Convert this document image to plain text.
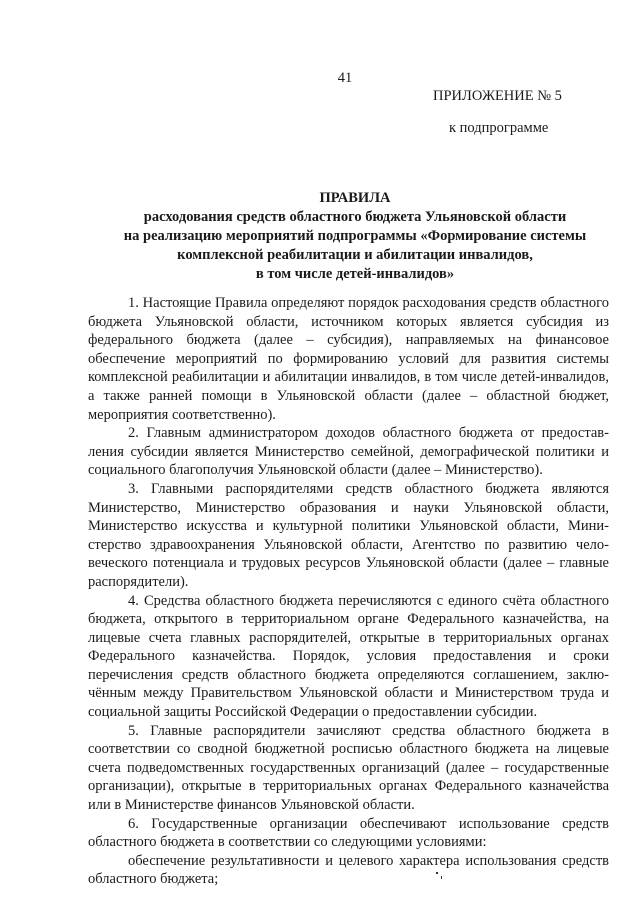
41
ПРИЛОЖЕНИЕ № 5
к подпрограмме
ПРАВИЛА
расходования средств областного бюджета Ульяновской области
на реализацию мероприятий подпрограммы «Формирование системы
комплексной реабилитации и абилитации инвалидов,
в том числе детей-инвалидов»

1. Настоящие Правила определяют порядок расходования средств областного бюджета Ульяновской области, источником которых является субсидия из федерального бюджета (далее – субсидия), направляемых на финансовое обеспечение мероприятий по формированию условий для развития системы комплексной реабилитации и абилитации инвалидов, в том числе детей-инвалидов, а также ранней помощи в Ульяновской области (далее – областной бюджет, мероприятия соответственно).

2. Главным администратором доходов областного бюджета от предоставления субсидии является Министерство семейной, демографической политики и социального благополучия Ульяновской области (далее – Министерство).

3. Главными распорядителями средств областного бюджета являются Министерство, Министерство образования и науки Ульяновской области, Министерство искусства и культурной политики Ульяновской области, Министерство здравоохранения Ульяновской области, Агентство по развитию человеческого потенциала и трудовых ресурсов Ульяновской области (далее – главные распорядители).

4. Средства областного бюджета перечисляются с единого счёта областного бюджета, открытого в территориальном органе Федерального казначейства, на лицевые счета главных распорядителей, открытые в территориальных органах Федерального казначейства. Порядок, условия предоставления и сроки перечисления средств областного бюджета определяются соглашением, заключённым между Правительством Ульяновской области и Министерством труда и социальной защиты Российской Федерации о предоставлении субсидии.

5. Главные распорядители зачисляют средства областного бюджета в соответствии со сводной бюджетной росписью областного бюджета на лицевые счета подведомственных государственных организаций (далее – государственные организации), открытые в территориальных органах Федерального казначейства или в Министерстве финансов Ульяновской области.

6. Государственные организации обеспечивают использование средств областного бюджета в соответствии со следующими условиями:

обеспечение результативности и целевого характера использования средств областного бюджета;
